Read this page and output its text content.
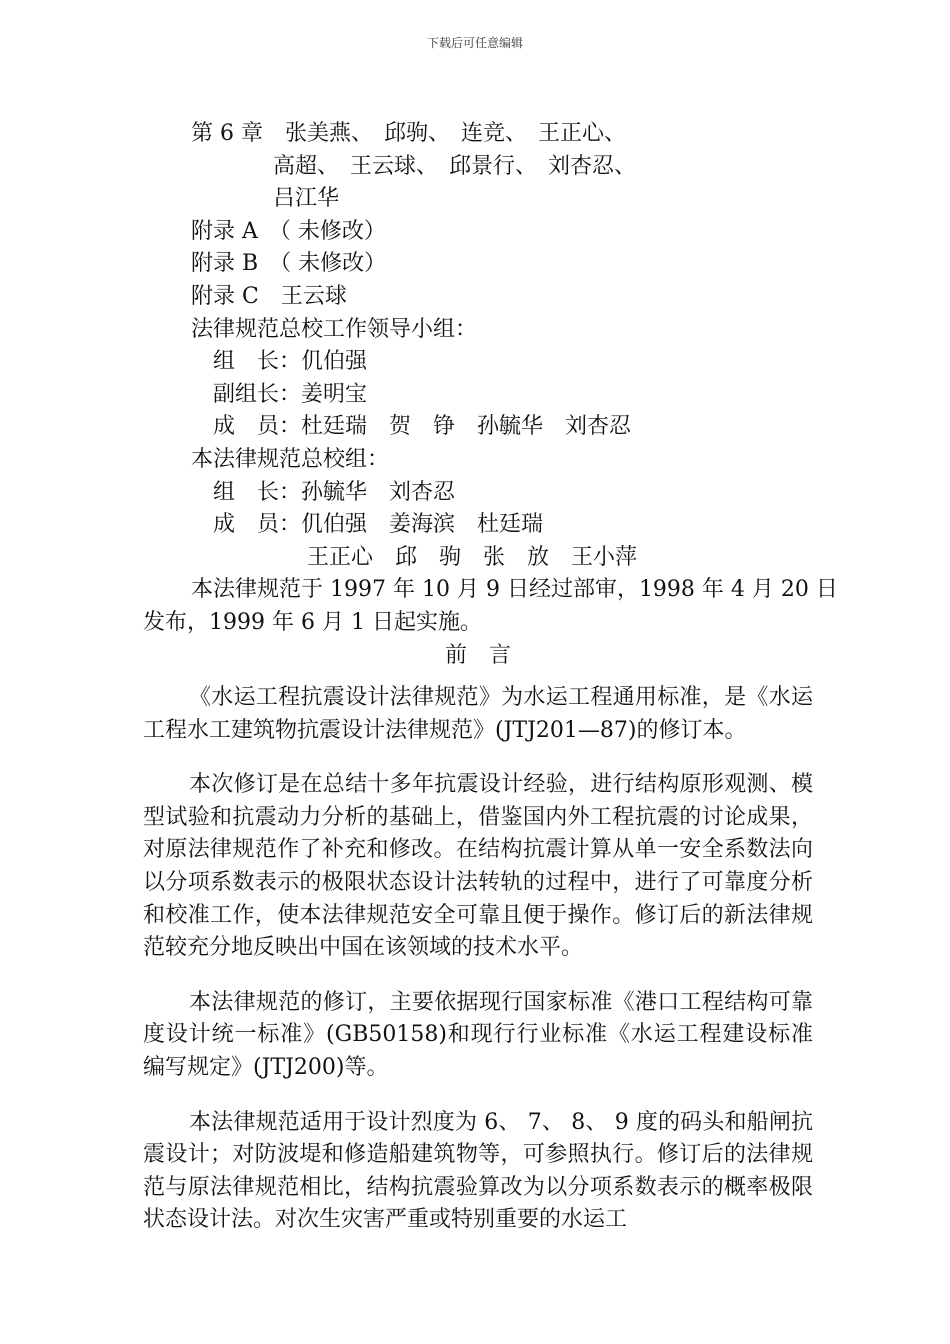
下载后可任意编辑
第 6 章　张美燕、　邱驹、　连竞、　王正心、
高超、　王云球、　邱景行、　刘杏忍、
吕江华
附录 A　（ 未修改）
附录 B　（ 未修改）
附录 C　王云球
法律规范总校工作领导小组：
组　长：仉伯强
副组长：姜明宝
成　员：杜廷瑞　贺　铮　孙毓华　刘杏忍
本法律规范总校组：
组　长：孙毓华　刘杏忍
成　员：仉伯强　姜海滨　杜廷瑞
王正心　邱　驹　张　放　王小萍
本法律规范于 1997 年 10 月 9 日经过部审，1998 年 4 月 20 日
发布，1999 年 6 月 1 日起实施。
前　言

《水运工程抗震设计法律规范》为水运工程通用标准，是《水运工程水工建筑物抗震设计法律规范》(JTJ201—87)的修订本。

本次修订是在总结十多年抗震设计经验，进行结构原形观测、模型试验和抗震动力分析的基础上，借鉴国内外工程抗震的讨论成果，对原法律规范作了补充和修改。在结构抗震计算从单一安全系数法向以分项系数表示的极限状态设计法转轨的过程中，进行了可靠度分析和校准工作，使本法律规范安全可靠且便于操作。修订后的新法律规范较充分地反映出中国在该领域的技术水平。

本法律规范的修订，主要依据现行国家标准《港口工程结构可靠度设计统一标准》(GB50158)和现行行业标准《水运工程建设标准编写规定》(JTJ200)等。

本法律规范适用于设计烈度为 6、 7、 8、 9 度的码头和船闸抗震设计；对防波堤和修造船建筑物等，可参照执行。修订后的法律规范与原法律规范相比，结构抗震验算改为以分项系数表示的概率极限状态设计法。对次生灾害严重或特别重要的水运工
